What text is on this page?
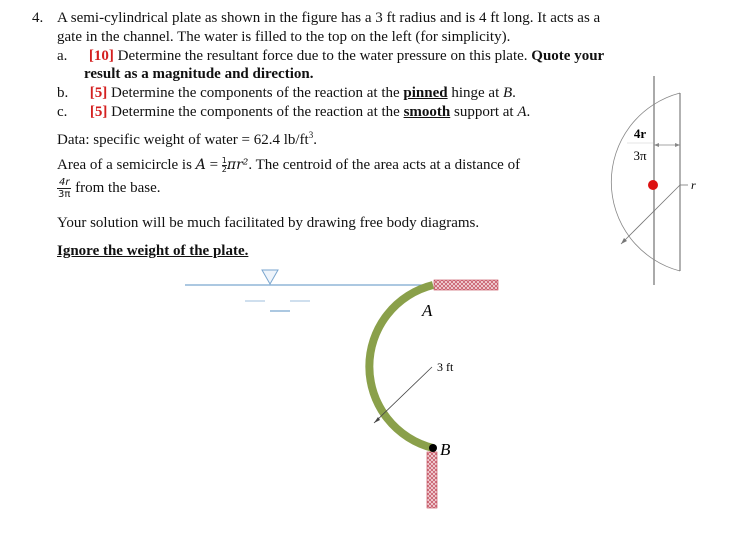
4. A semi-cylindrical plate as shown in the figure has a 3 ft radius and is 4 ft long. It acts as a
gate in the channel. The water is filled to the top on the left (for simplicity).
a. [10] Determine the resultant force due to the water pressure on this plate. Quote your
result as a magnitude and direction.
b. [5] Determine the components of the reaction at the pinned hinge at B.
c. [5] Determine the components of the reaction at the smooth support at A.
Data: specific weight of water = 62.4 $lb/ft^3$.
Area of a semicircle is $A = \frac{1}{2} \pi r^2$. The centroid of the area acts at a distance of
$\frac{4r}{3\pi}$ from the base.
Your solution will be much facilitated by drawing free body diagrams.
Ignore the weight of the plate.
4r
3π
r
3 ft
B
A
